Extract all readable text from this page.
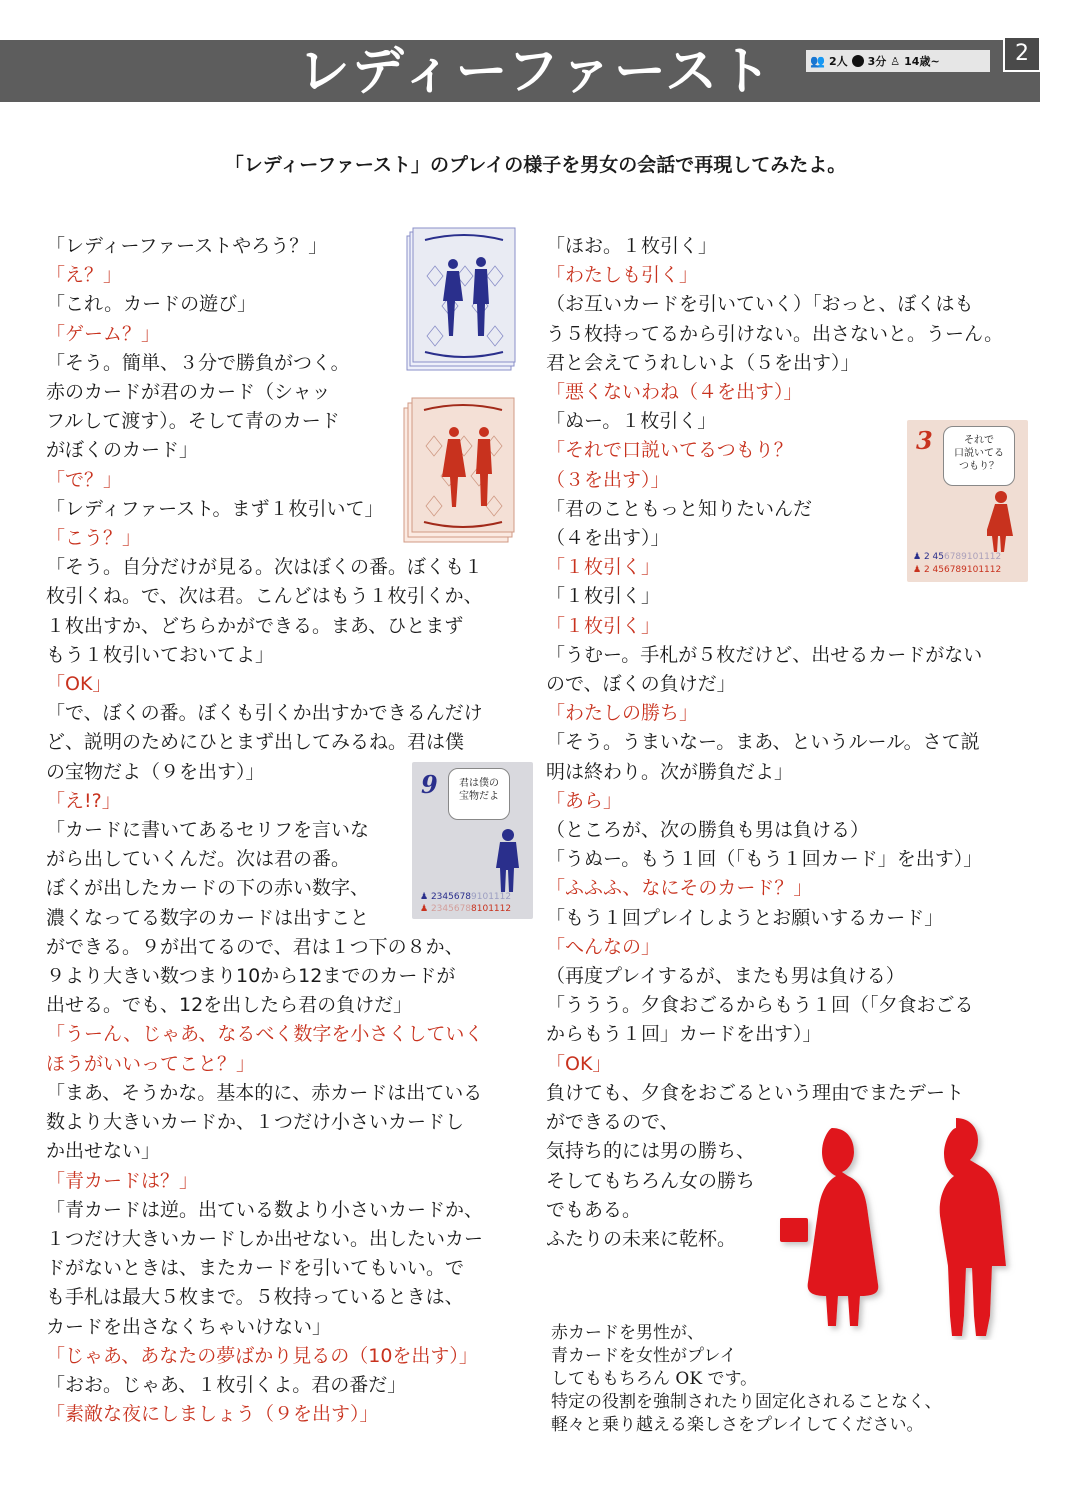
レディーファースト	👥 2人 3分 ♙ 14歳~	2
「レディーファースト」のプレイの様子を男女の会話で再現してみたよ。
「レディーファーストやろう？」
「え？」
「これ。カードの遊び」
「ゲーム？」
「そう。簡単、３分で勝負がつく。
赤のカードが君のカード（シャッ
フルして渡す）。そして青のカード
がぼくのカード」
「で？」
「レディファースト。まず１枚引いて」
「こう？」
「そう。自分だけが見る。次はぼくの番。ぼくも１
枚引くね。で、次は君。こんどはもう１枚引くか、
１枚出すか、どちらかができる。まあ、ひとまず
もう１枚引いておいてよ」
「OK」
「で、ぼくの番。ぼくも引くか出すかできるんだけ
ど、説明のためにひとまず出してみるね。君は僕
の宝物だよ（９を出す）」
「え!?」
「カードに書いてあるセリフを言いな
がら出していくんだ。次は君の番。
ぼくが出したカードの下の赤い数字、
濃くなってる数字のカードは出すこと
ができる。９が出てるので、君は１つ下の８か、
９より大きい数つまり10から12までのカードが
出せる。でも、12を出したら君の負けだ」
「うーん、じゃあ、なるべく数字を小さくしていく
ほうがいいってこと？」
「まあ、そうかな。基本的に、赤カードは出ている
数より大きいカードか、１つだけ小さいカードし
か出せない」
「青カードは？」
「青カードは逆。出ている数より小さいカードか、
１つだけ大きいカードしか出せない。出したいカー
ドがないときは、またカードを引いてもいい。で
も手札は最大５枚まで。５枚持っているときは、
カードを出さなくちゃいけない」
「じゃあ、あなたの夢ばかり見るの（10を出す）」
「おお。じゃあ、１枚引くよ。君の番だ」
「素敵な夜にしましょう（９を出す）」
「ほお。１枚引く」
「わたしも引く」
（お互いカードを引いていく）「おっと、ぼくはも
う５枚持ってるから引けない。出さないと。うーん。
君と会えてうれしいよ（５を出す）」
「悪くないわね（４を出す）」
「ぬー。１枚引く」
「それで口説いてるつもり？
（３を出す）」
「君のこともっと知りたいんだ
（４を出す）」
「１枚引く」
「１枚引く」
「１枚引く」
「うむー。手札が５枚だけど、出せるカードがない
ので、ぼくの負けだ」
「わたしの勝ち」
「そう。うまいなー。まあ、というルール。さて説
明は終わり。次が勝負だよ」
「あら」
（ところが、次の勝負も男は負ける）
「うぬー。もう１回（「もう１回カード」を出す）」
「ふふふ、なにそのカード？」
「もう１回プレイしようとお願いするカード」
「へんなの」
（再度プレイするが、またも男は負ける）
「ううう。夕食おごるからもう１回（「夕食おごる
からもう１回」カードを出す）」
「OK」
負けても、夕食をおごるという理由でまたデート
ができるので、
気持ち的には男の勝ち、
そしてもちろん女の勝ち
でもある。
ふたりの未来に乾杯。
9	君は僕の
宝物だよ
♟ 23456789101112
♟ 23456788101112
3	それで
口説いてる
つもり？
♟ 2 456789101112
♟ 2 456789101112
赤カードを男性が、
青カードを女性がプレイ
してももちろん OK です。
特定の役割を強制されたり固定化されることなく、
軽々と乗り越える楽しさをプレイしてください。
